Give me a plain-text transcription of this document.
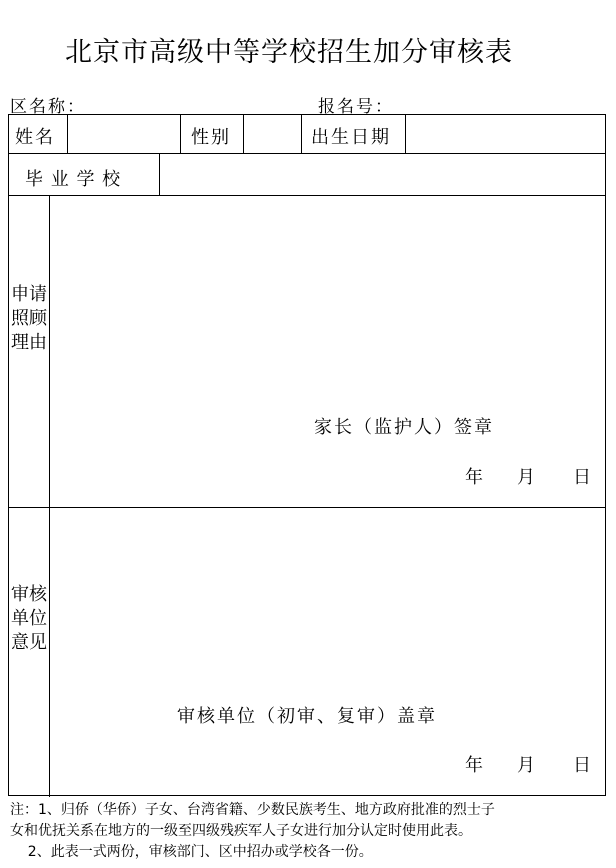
北京市高级中等学校招生加分审核表
区名称：	报名号：
姓名	性别	出生日期
毕 业 学 校
申请照顾理由
家长（监护人）签章
年 月 日
审核单位意见
审核单位（初审、复审）盖章
年 月 日
注：1、归侨（华侨）子女、台湾省籍、少数民族考生、地方政府批准的烈士子
女和优抚关系在地方的一级至四级残疾军人子女进行加分认定时使用此表。
2、此表一式两份，审核部门、区中招办或学校各一份。
